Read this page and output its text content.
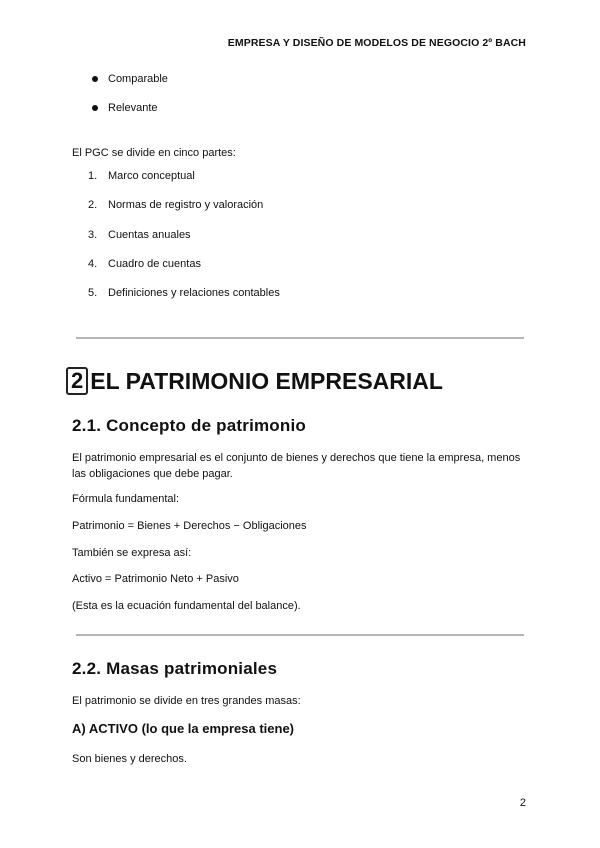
EMPRESA Y DISEÑO DE MODELOS DE NEGOCIO 2º BACH
Comparable
Relevante

El PGC se divide en cinco partes:

1. Marco conceptual
2. Normas de registro y valoración
3. Cuentas anuales
4. Cuadro de cuentas
5. Definiciones y relaciones contables
2 EL PATRIMONIO EMPRESARIAL
2.1. Concepto de patrimonio

El patrimonio empresarial es el conjunto de bienes y derechos que tiene la empresa, menos
las obligaciones que debe pagar.

Fórmula fundamental:

Patrimonio = Bienes + Derechos − Obligaciones

También se expresa así:

Activo = Patrimonio Neto + Pasivo

(Esta es la ecuación fundamental del balance).

2.2. Masas patrimoniales

El patrimonio se divide en tres grandes masas:

A) ACTIVO (lo que la empresa tiene)

Son bienes y derechos.

2
